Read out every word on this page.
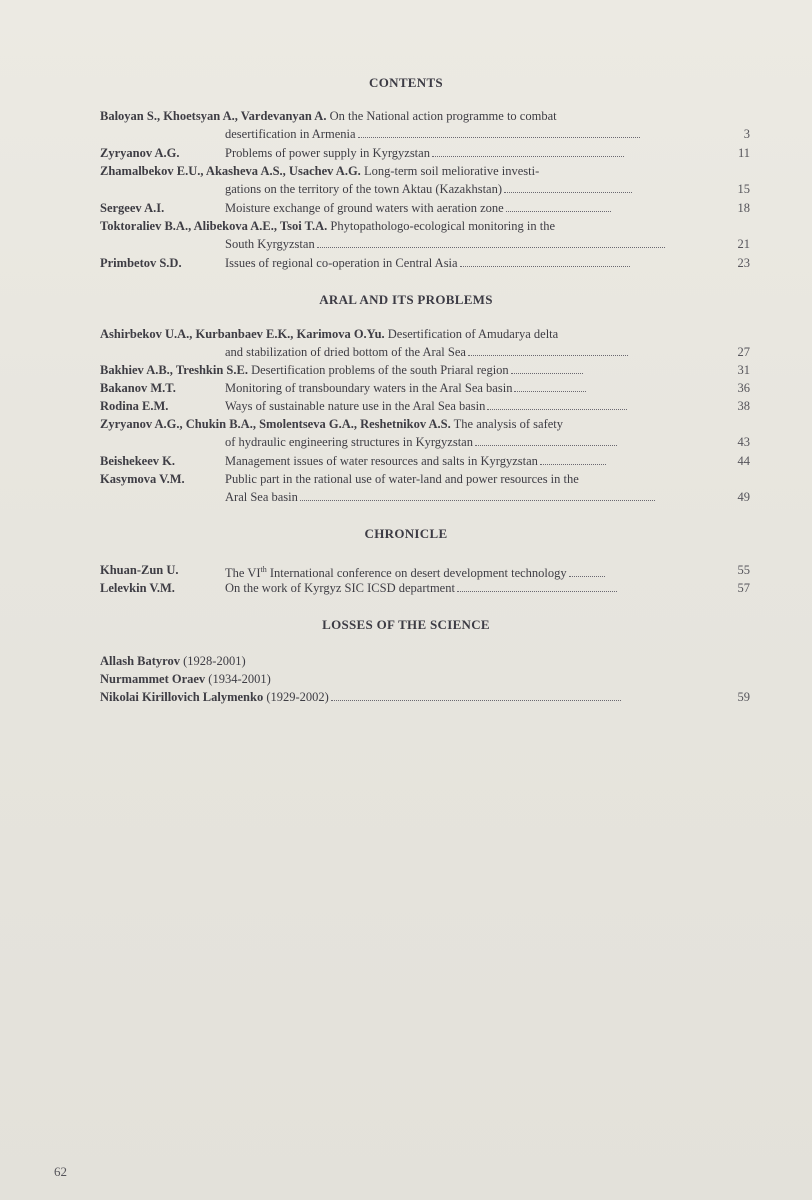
CONTENTS
Baloyan S., Khoetsyan A., Vardevanyan A. On the National action programme to combat
desertification in Armenia	3
Zyryanov A.G.	Problems of power supply in Kyrgyzstan	11
Zhamalbekov E.U., Akasheva A.S., Usachev A.G. Long-term soil meliorative investi-
gations on the territory of the town Aktau (Kazakhstan)	15
Sergeev A.I.	Moisture exchange of ground waters with aeration zone	18
Toktoraliev B.A., Alibekova A.E., Tsoi T.A. Phytopathologo-ecological monitoring in the
South Kyrgyzstan	21
Primbetov S.D.	Issues of regional co-operation in Central Asia	23
ARAL AND ITS PROBLEMS
Ashirbekov U.A., Kurbanbaev E.K., Karimova O.Yu. Desertification of Amudarya delta
and stabilization of dried bottom of the Aral Sea	27
Bakhiev A.B., Treshkin S.E. Desertification problems of the south Priaral region	31
Bakanov M.T.	Monitoring of transboundary waters in the Aral Sea basin	36
Rodina E.M.	Ways of sustainable nature use in the Aral Sea basin	38
Zyryanov A.G., Chukin B.A., Smolentseva G.A., Reshetnikov A.S. The analysis of safety
of hydraulic engineering structures in Kyrgyzstan	43
Beishekeev K.	Management issues of water resources and salts in Kyrgyzstan	44
Kasymova V.M.	Public part in the rational use of water-land and power resources in the
Aral Sea basin	49
CHRONICLE
Khuan-Zun U.	The VIth International conference on desert development technology	55
Lelevkin V.M.	On the work of Kyrgyz SIC ICSD department	57
LOSSES OF THE SCIENCE
Allash Batyrov (1928-2001)
Nurmammet Oraev (1934-2001)
Nikolai Kirillovich Lalymenko (1929-2002)	59
62
